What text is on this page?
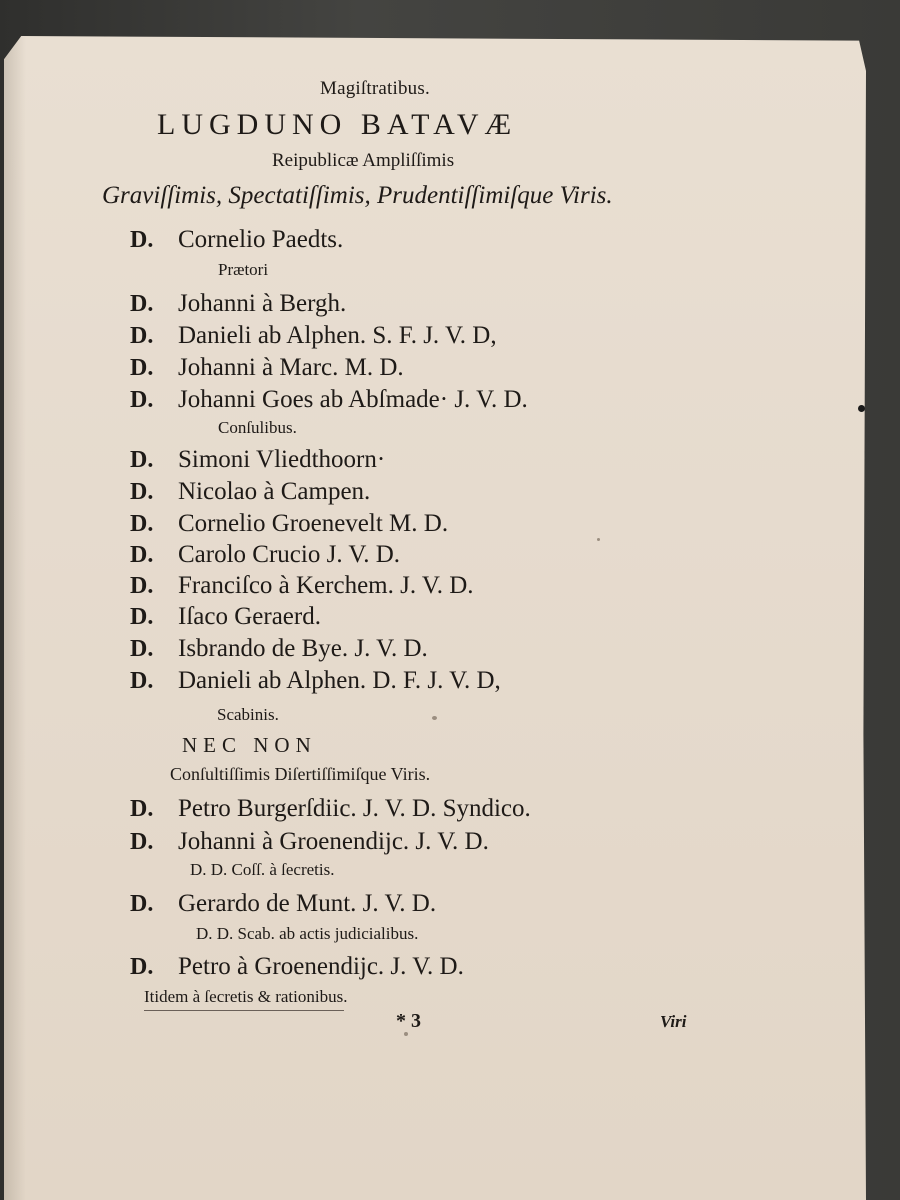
Magiſtratibus.
LUGDUNO BATAVÆ
Reipublicæ Ampliſſimis
Graviſſimis, Spectatiſſimis, Prudentiſſimiſque Viris.
D. Cornelio Paedts.
Prætori
D. Johanni à Bergh.
D. Danieli ab Alphen. S. F. J. V. D,
D. Johanni à Marc. M. D.
D. Johanni Goes ab Abſmade· J. V. D.
Conſulibus.
D. Simoni Vliedthoorn·
D. Nicolao à Campen.
D. Cornelio Groenevelt M. D.
D. Carolo Crucio J. V. D.
D. Franciſco à Kerchem. J. V. D.
D. Iſaco Geraerd.
D. Isbrando de Bye. J. V. D.
D. Danieli ab Alphen. D. F. J. V. D,
Scabinis.
NEC NON
Conſultiſſimis Diſertiſſimiſque Viris.
D. Petro Burgerſdiic. J. V. D. Syndico.
D. Johanni à Groenendijc. J. V. D.
D. D. Coſſ. à ſecretis.
D. Gerardo de Munt. J. V. D.
D. D. Scab. ab actis judicialibus.
D. Petro à Groenendijc. J. V. D.
Itidem à ſecretis & rationibus.
* 3	Viri
